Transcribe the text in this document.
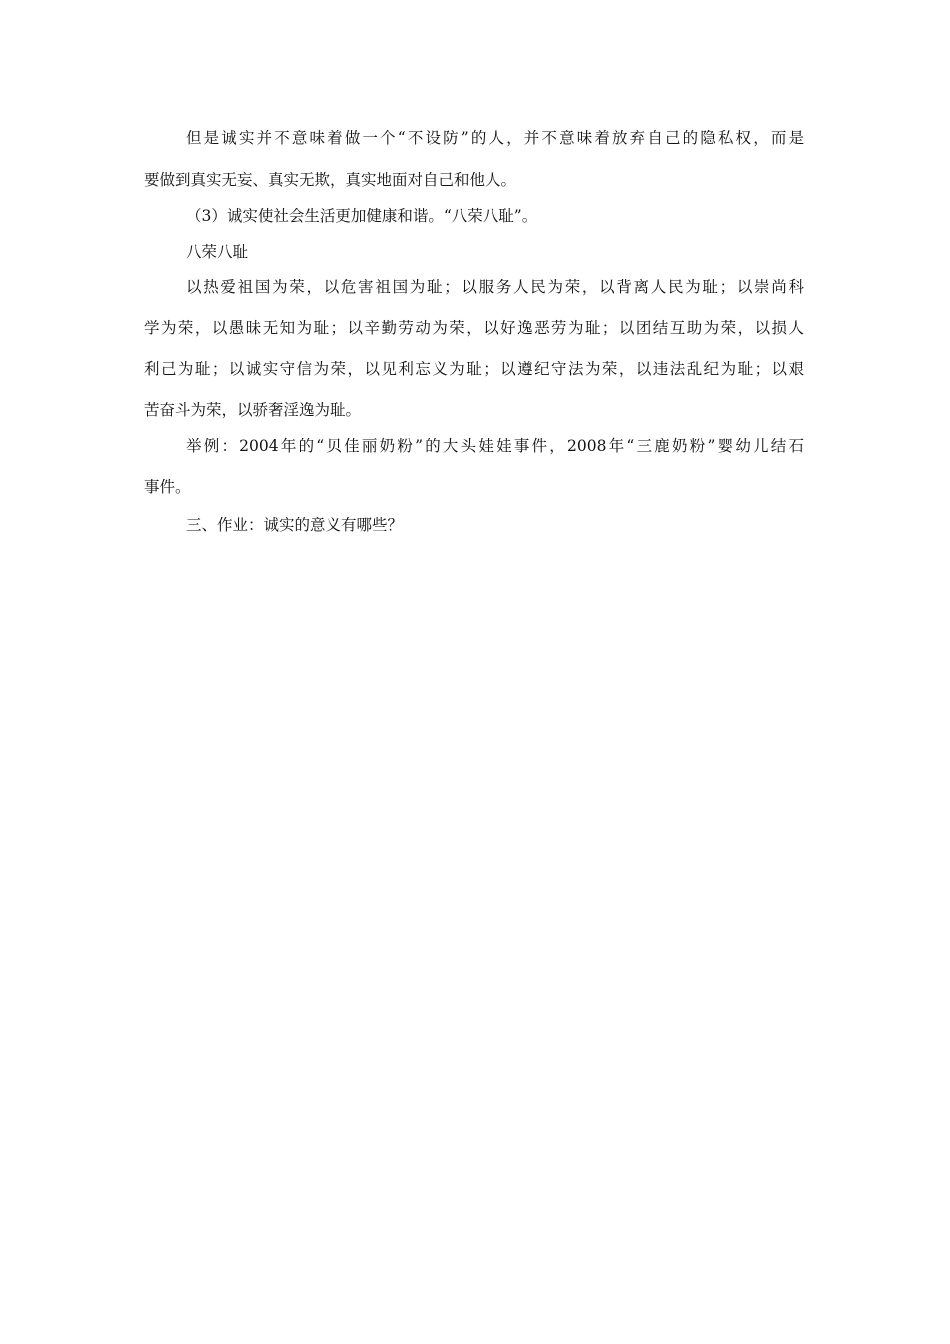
但是诚实并不意味着做一个“不设防”的人，并不意味着放弃自己的隐私权，而是
要做到真实无妄、真实无欺，真实地面对自己和他人。
（3）诚实使社会生活更加健康和谐。“八荣八耻”。
八荣八耻
以热爱祖国为荣，以危害祖国为耻；以服务人民为荣，以背离人民为耻；以崇尚科
学为荣，以愚昧无知为耻；以辛勤劳动为荣，以好逸恶劳为耻；以团结互助为荣，以损人
利己为耻；以诚实守信为荣，以见利忘义为耻；以遵纪守法为荣，以违法乱纪为耻；以艰
苦奋斗为荣，以骄奢淫逸为耻。
举例：2004年的“贝佳丽奶粉”的大头娃娃事件，2008年“三鹿奶粉”婴幼儿结石
事件。
三、作业：诚实的意义有哪些？
